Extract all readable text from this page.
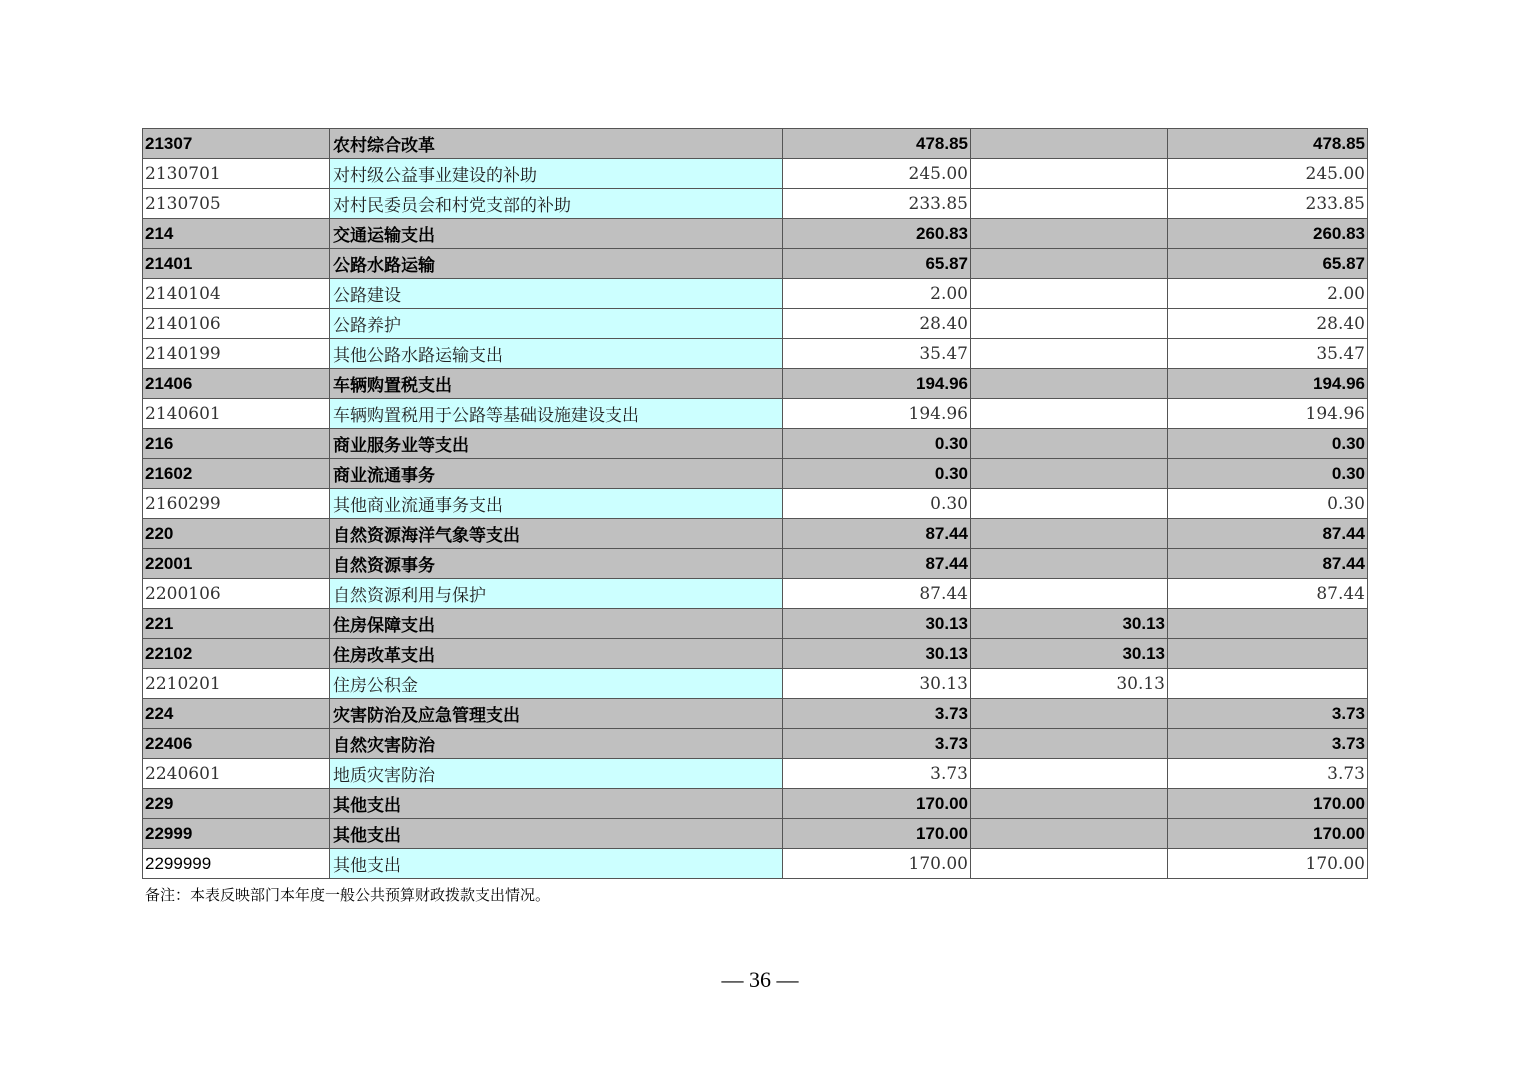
21307	农村综合改革	478.85		478.85
2130701	对村级公益事业建设的补助	245.00		245.00
2130705	对村民委员会和村党支部的补助	233.85		233.85
214	交通运输支出	260.83		260.83
21401	公路水路运输	65.87		65.87
2140104	公路建设	2.00		2.00
2140106	公路养护	28.40		28.40
2140199	其他公路水路运输支出	35.47		35.47
21406	车辆购置税支出	194.96		194.96
2140601	车辆购置税用于公路等基础设施建设支出	194.96		194.96
216	商业服务业等支出	0.30		0.30
21602	商业流通事务	0.30		0.30
2160299	其他商业流通事务支出	0.30		0.30
220	自然资源海洋气象等支出	87.44		87.44
22001	自然资源事务	87.44		87.44
2200106	自然资源利用与保护	87.44		87.44
221	住房保障支出	30.13	30.13	
22102	住房改革支出	30.13	30.13	
2210201	住房公积金	30.13	30.13	
224	灾害防治及应急管理支出	3.73		3.73
22406	自然灾害防治	3.73		3.73
2240601	地质灾害防治	3.73		3.73
229	其他支出	170.00		170.00
22999	其他支出	170.00		170.00
2299999	其他支出	170.00		170.00
备注：本表反映部门本年度一般公共预算财政拨款支出情况。
— 36 —
